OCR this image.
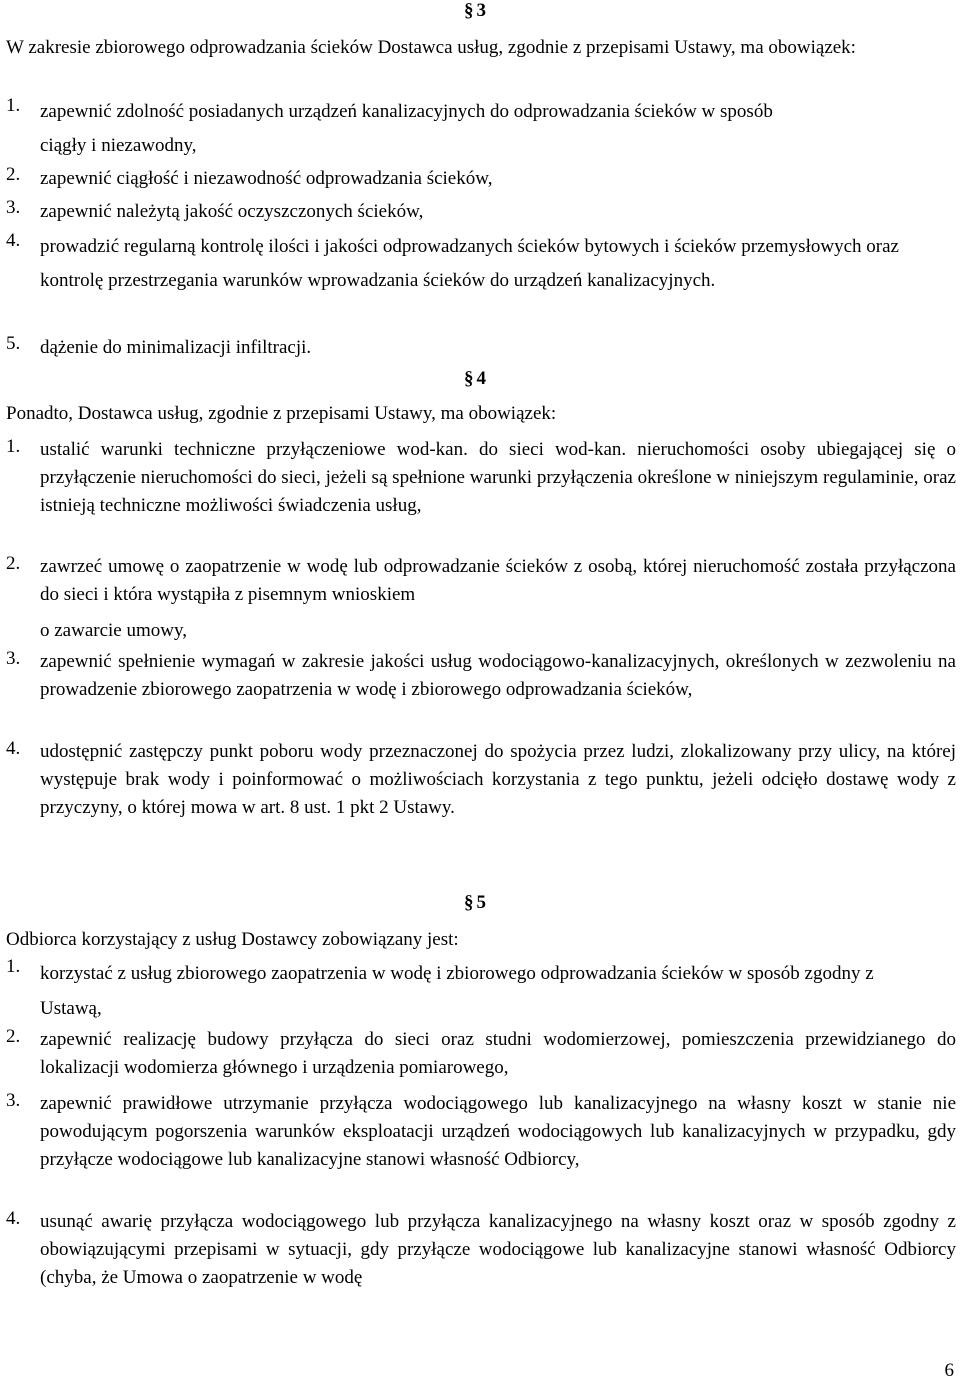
§ 3
W zakresie zbiorowego odprowadzania ścieków Dostawca usług, zgodnie z przepisami Ustawy, ma obowiązek:
1.	zapewnić zdolność posiadanych urządzeń kanalizacyjnych do odprowadzania ścieków w sposób ciągły i niezawodny,
2.	zapewnić ciągłość i niezawodność odprowadzania ścieków,
3.	zapewnić należytą jakość oczyszczonych ścieków,
4.	prowadzić regularną kontrolę ilości i jakości odprowadzanych ścieków bytowych i ścieków przemysłowych oraz kontrolę przestrzegania warunków wprowadzania ścieków do urządzeń kanalizacyjnych.
5.	dążenie do minimalizacji infiltracji.
§ 4
Ponadto, Dostawca usług, zgodnie z przepisami Ustawy, ma obowiązek:
1.	ustalić warunki techniczne przyłączeniowe wod-kan. do sieci wod-kan. nieruchomości osoby ubiegającej się o przyłączenie nieruchomości do sieci, jeżeli są spełnione warunki przyłączenia określone w niniejszym regulaminie, oraz istnieją techniczne możliwości świadczenia usług,
2.	zawrzeć umowę o zaopatrzenie w wodę lub odprowadzanie ścieków z osobą, której nieruchomość została przyłączona do sieci i która wystąpiła z pisemnym wnioskiem
o zawarcie umowy,
3.	zapewnić spełnienie wymagań w zakresie jakości usług wodociągowo-kanalizacyjnych, określonych w zezwoleniu na prowadzenie zbiorowego zaopatrzenia w wodę i zbiorowego odprowadzania ścieków,
4.	udostępnić zastępczy punkt poboru wody przeznaczonej do spożycia przez ludzi, zlokalizowany przy ulicy, na której występuje brak wody i poinformować o możliwościach korzystania z tego punktu, jeżeli odcięło dostawę wody z przyczyny, o której mowa w art. 8 ust. 1 pkt 2 Ustawy.
§ 5
Odbiorca korzystający z usług Dostawcy zobowiązany jest:
1.	korzystać z usług zbiorowego zaopatrzenia w wodę i zbiorowego odprowadzania ścieków w sposób zgodny z Ustawą,
2.	zapewnić realizację budowy przyłącza do sieci oraz studni wodomierzowej, pomieszczenia przewidzianego do lokalizacji wodomierza głównego i urządzenia pomiarowego,
3.	zapewnić prawidłowe utrzymanie przyłącza wodociągowego lub kanalizacyjnego na własny koszt w stanie nie powodującym pogorszenia warunków eksploatacji urządzeń wodociągowych lub kanalizacyjnych w przypadku, gdy przyłącze wodociągowe lub kanalizacyjne stanowi własność Odbiorcy,
4.	usunąć awarię przyłącza wodociągowego lub przyłącza kanalizacyjnego na własny koszt oraz w sposób zgodny z obowiązującymi przepisami w sytuacji, gdy przyłącze wodociągowe lub kanalizacyjne stanowi własność Odbiorcy (chyba, że Umowa o zaopatrzenie w wodę
6
